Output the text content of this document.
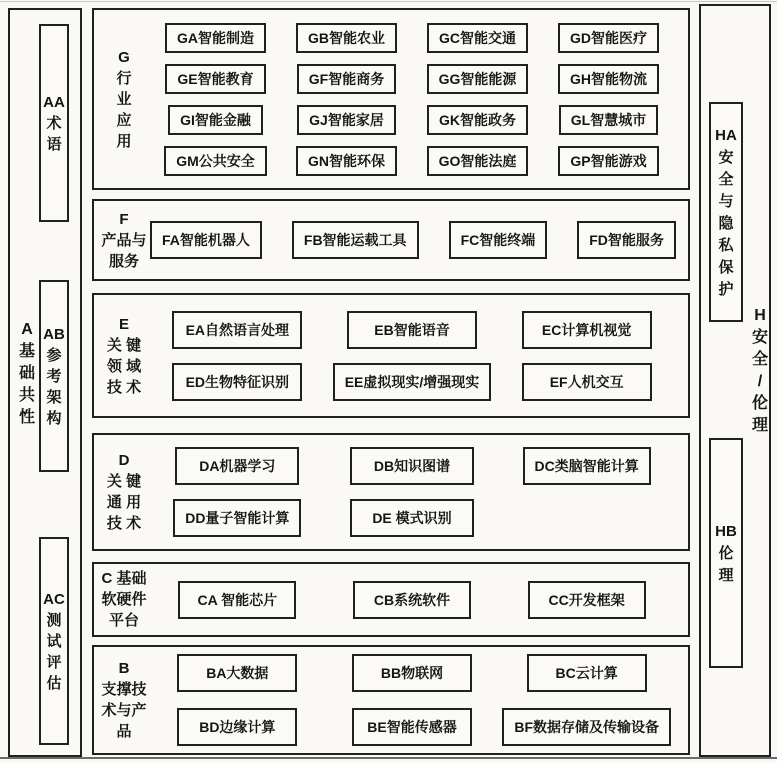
A
基
础
共
性
AA
术
语
AB
参
考
架
构
AC
测
试
评
估
H
安
全
/
伦
理
HA
安
全
与
隐
私
保
护
HB
伦
理
G
行
业
应
用
GA智能制造	GB智能农业	GC智能交通	GD智能医疗
GE智能教育	GF智能商务	GG智能能源	GH智能物流
GI智能金融	GJ智能家居	GK智能政务	GL智慧城市
GM公共安全	GN智能环保	GO智能法庭	GP智能游戏
F
产品与
服务
FA智能机器人	FB智能运载工具	FC智能终端	FD智能服务
E
关 键
领 域
技 术
EA自然语言处理	EB智能语音	EC计算机视觉
ED生物特征识别	EE虚拟现实/增强现实	EF人机交互
D
关 键
通 用
技 术
DA机器学习	DB知识图谱	DC类脑智能计算
DD量子智能计算	DE 模式识别
C 基础
软硬件
平台
CA 智能芯片	CB系统软件	CC开发框架
B
支撑技
术与产
品
BA大数据	BB物联网	BC云计算
BD边缘计算	BE智能传感器	BF数据存储及传输设备
